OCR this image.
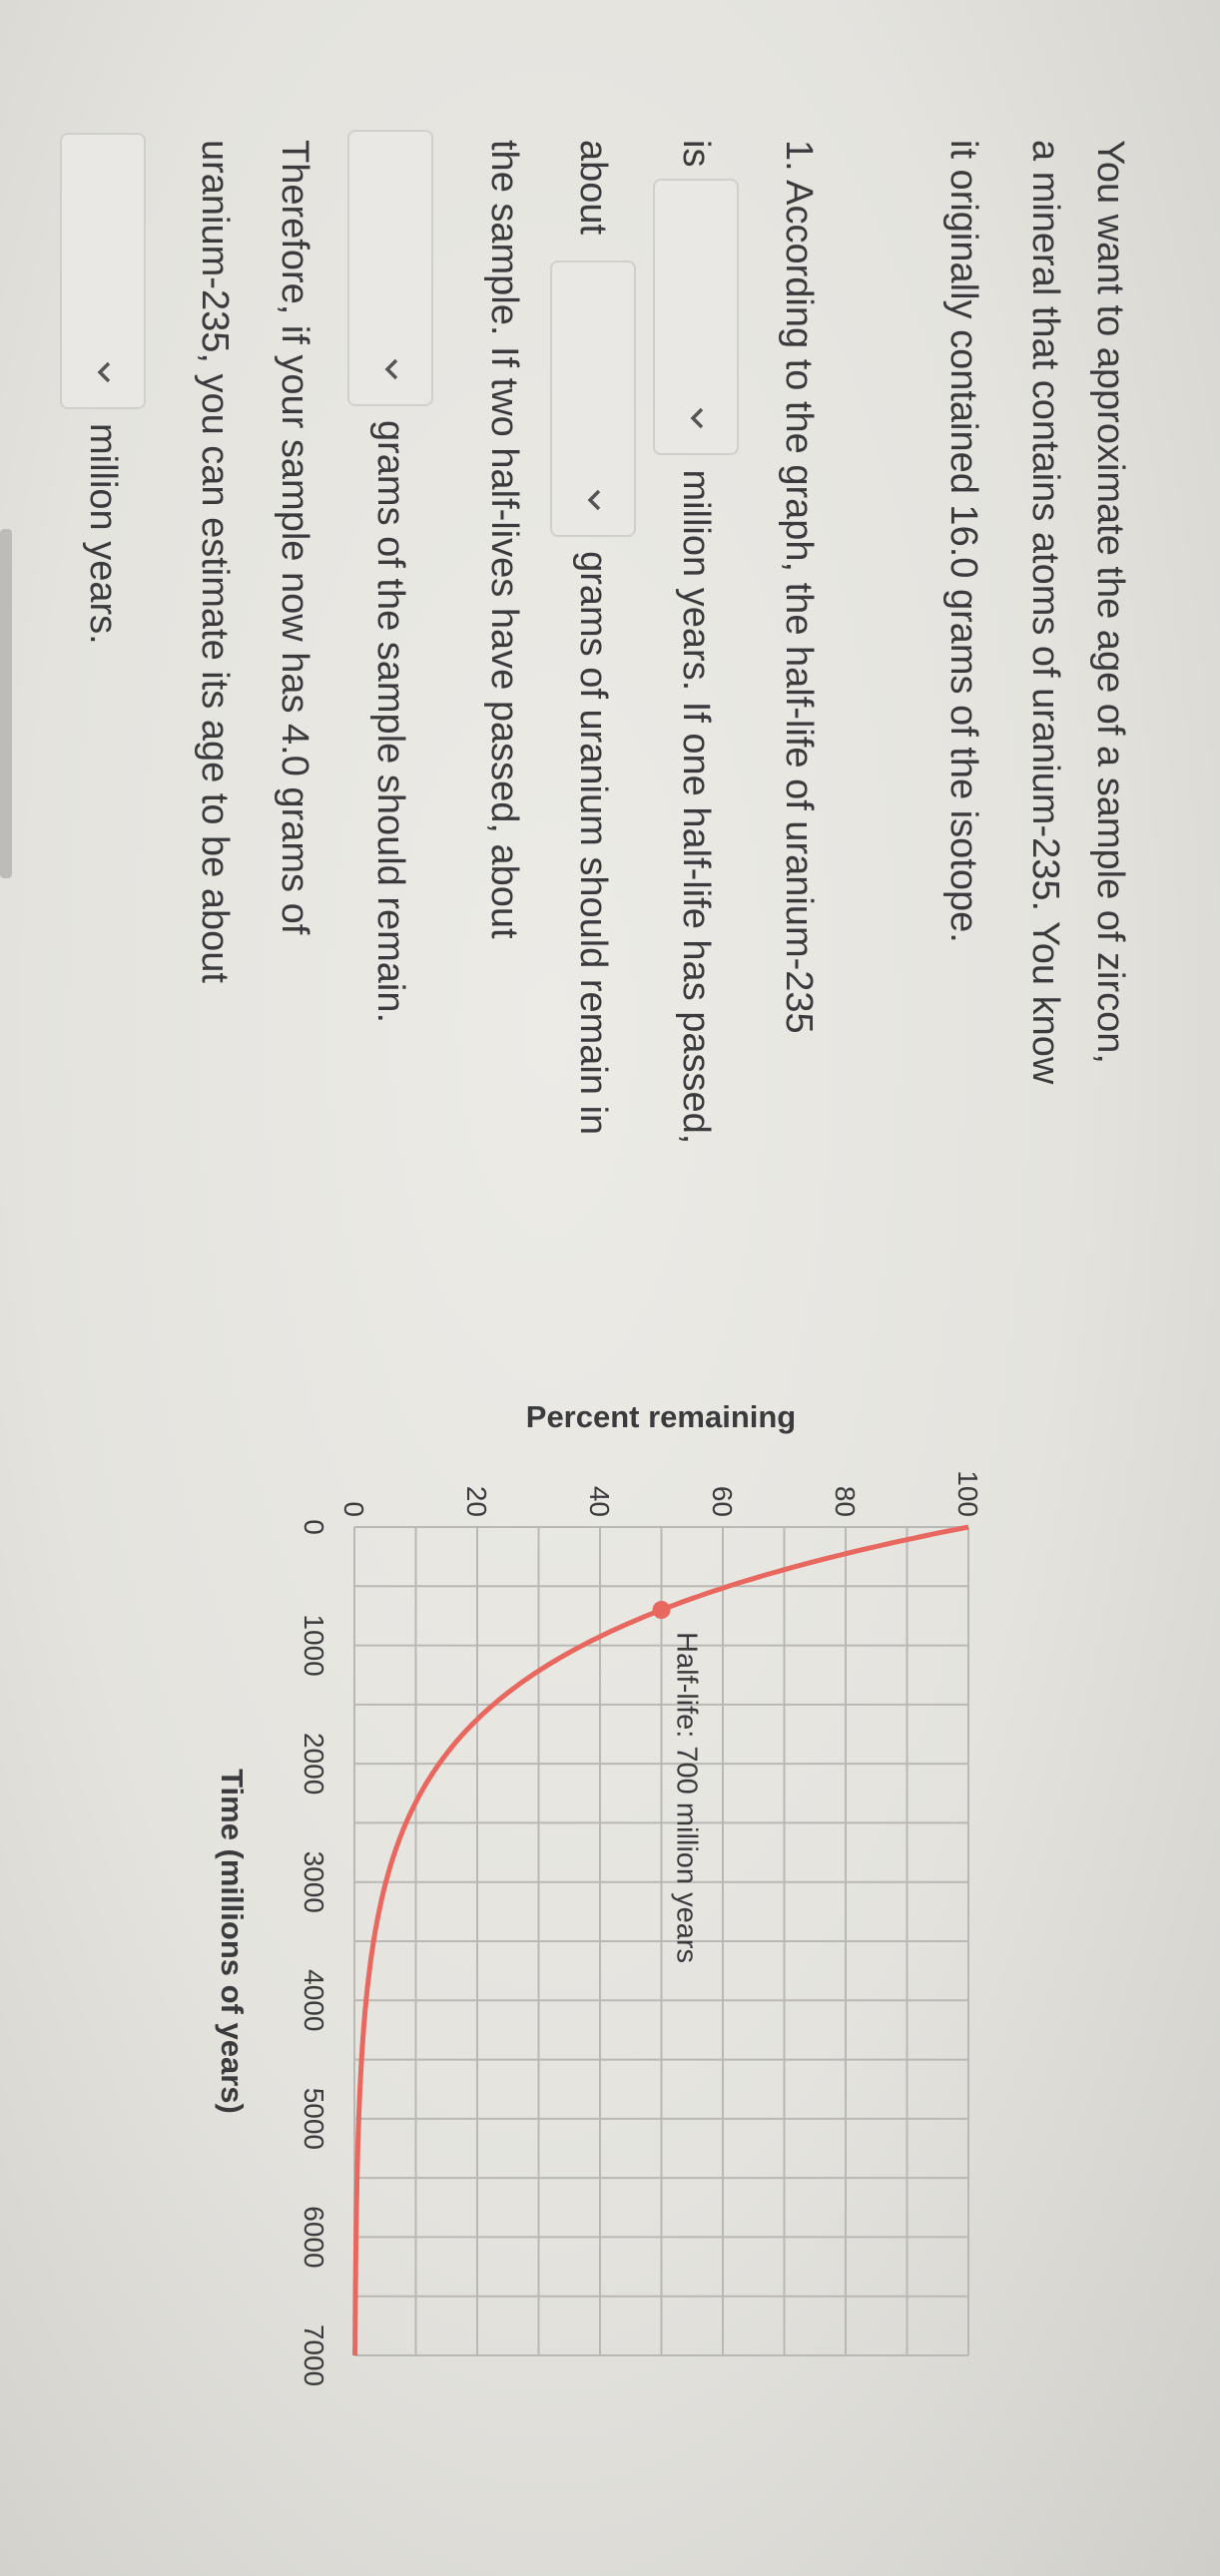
You want to approximate the age of a sample of zircon,
a mineral that contains atoms of uranium-235. You know
it originally contained 16.0 grams of the isotope.
1. According to the graph, the half-life of uranium-235
is
million years. If one half-life has passed,
about
grams of uranium should remain in
the sample. If two half-lives have passed, about
grams of the sample should remain.
Therefore, if your sample now has 4.0 grams of
uranium-235, you can estimate its age to be about
million years.
Half-life: 700 million years
0	20	40	60	80	100
0
1000
2000
3000
4000
5000
6000
7000
Percent remaining
Time (millions of years)
